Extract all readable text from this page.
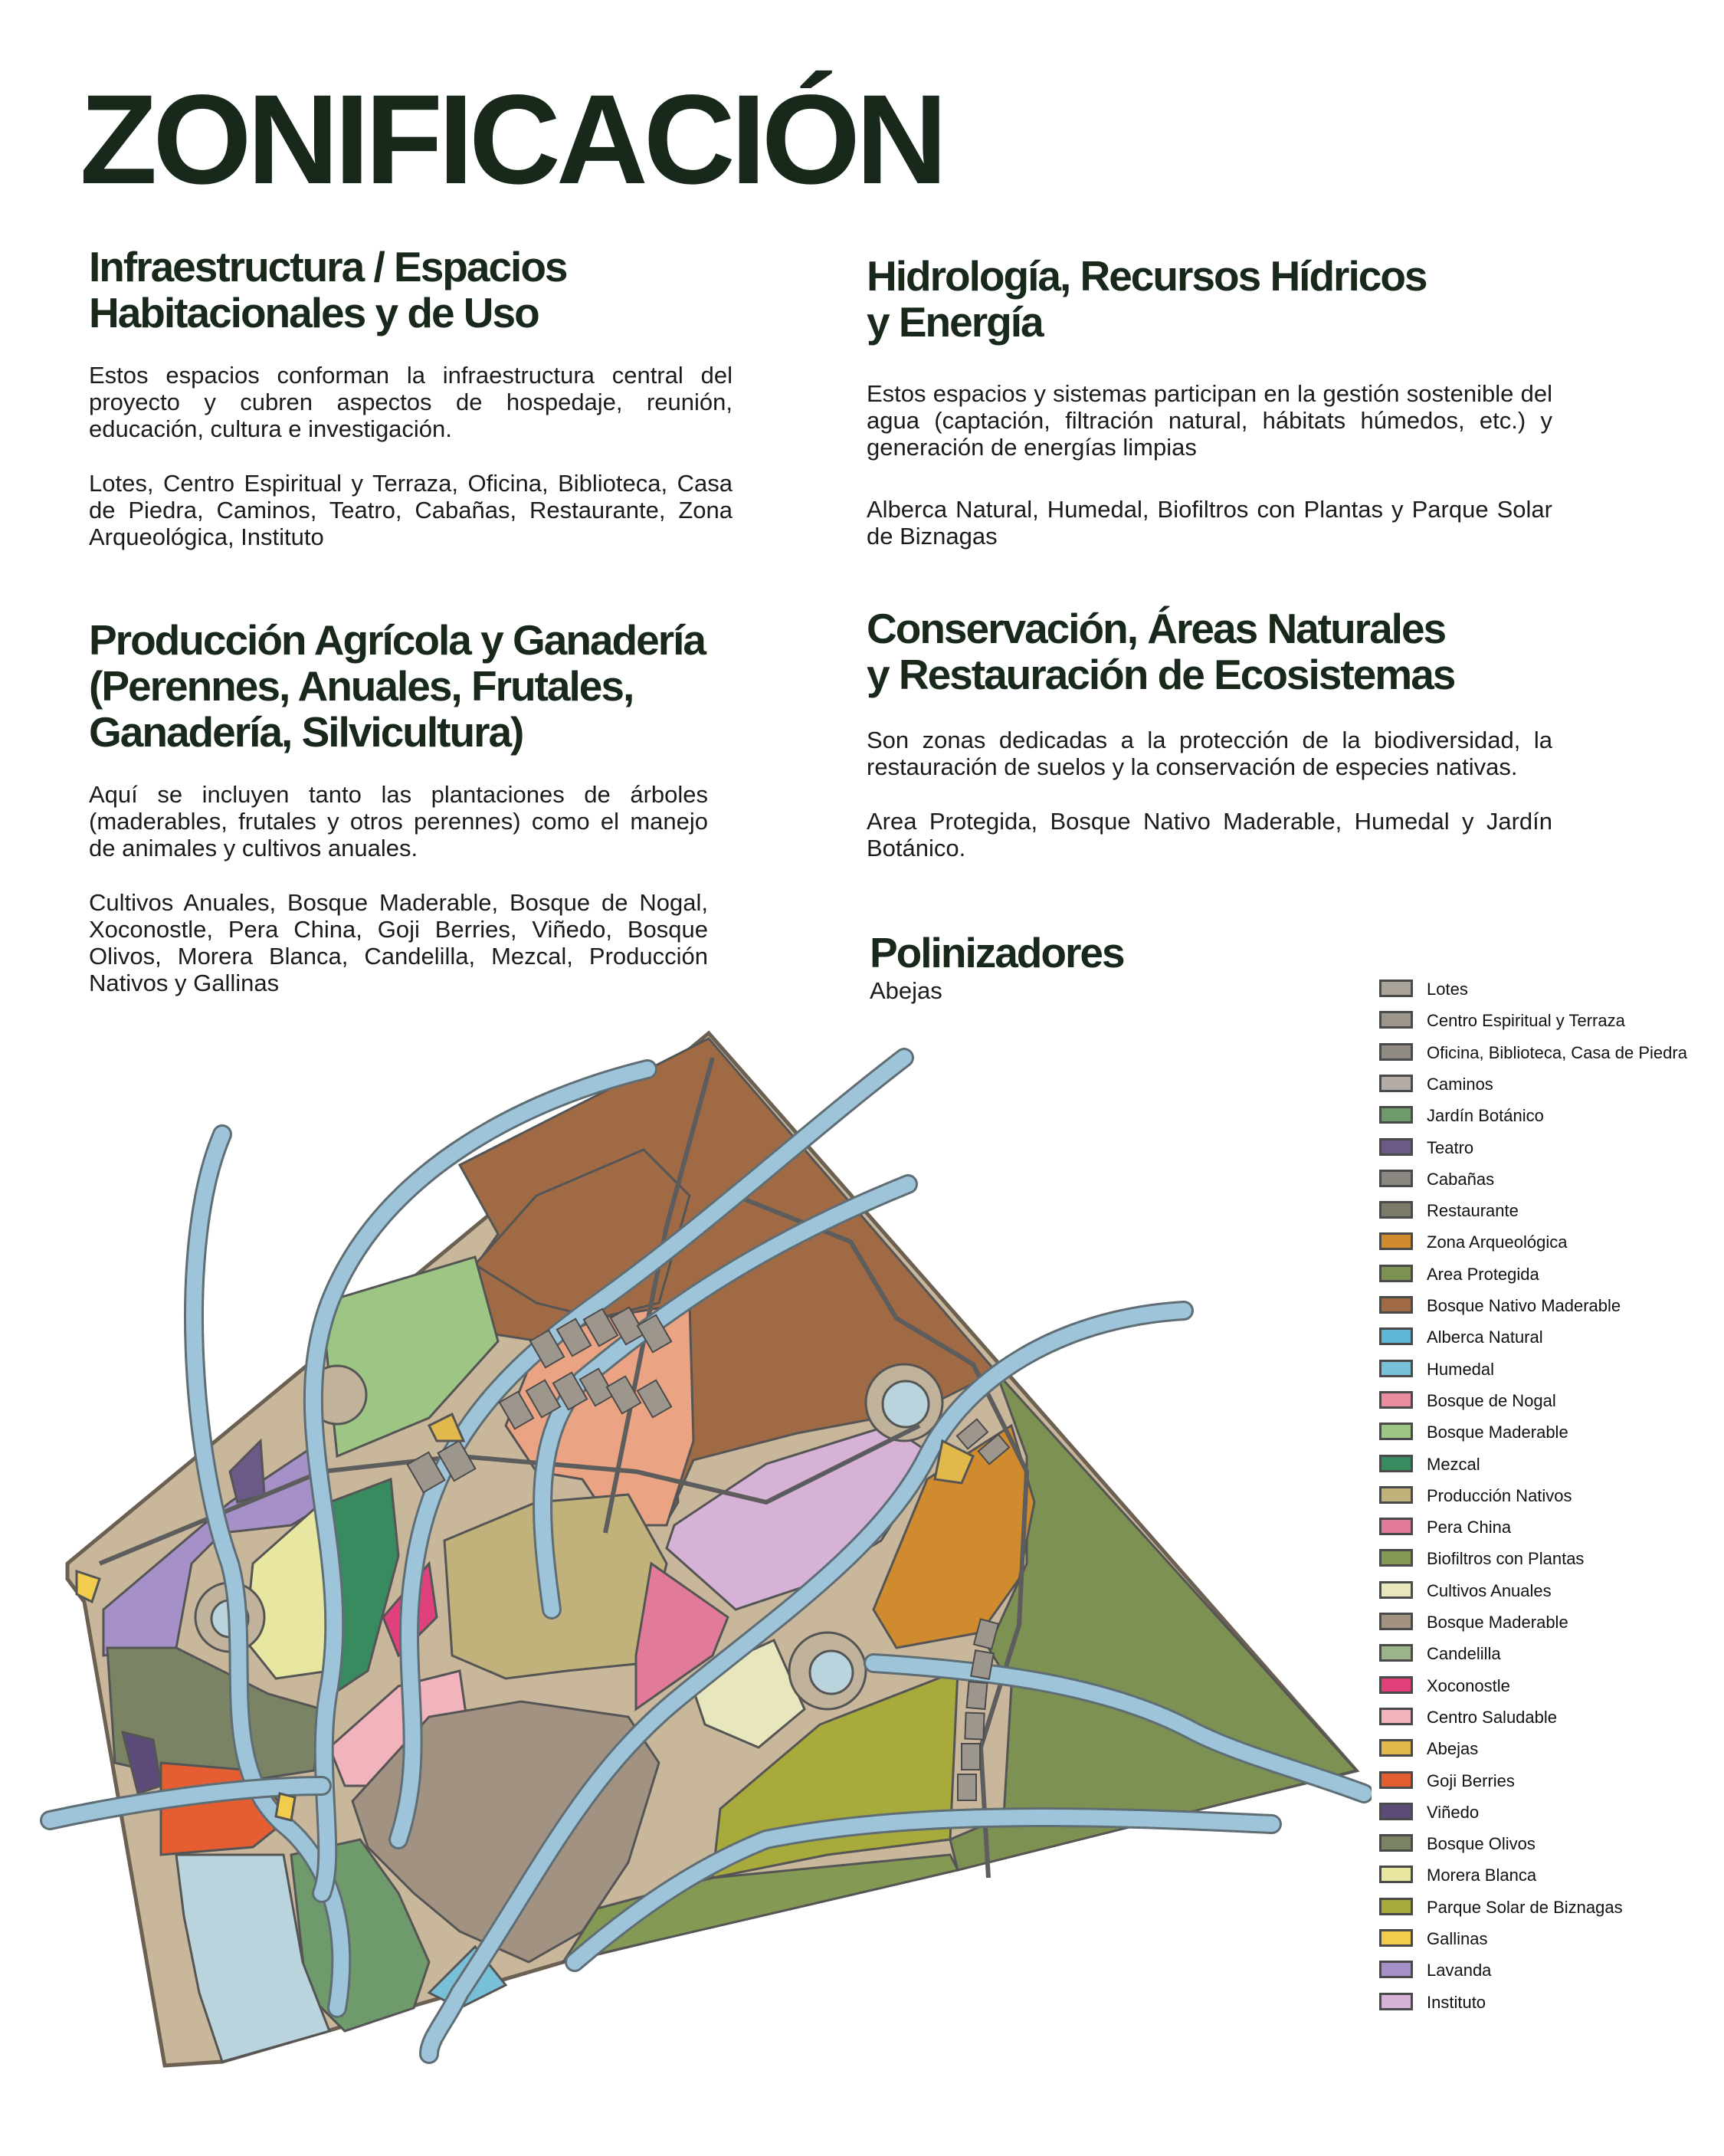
ZONIFICACIÓN
Infraestructura / Espacios
Habitacionales y de Uso

Estos espacios conforman la infraestructura central del proyecto y cubren aspectos de hospedaje, reunión, educación, cultura e investigación.

Lotes, Centro Espiritual y Terraza, Oficina, Biblioteca, Casa de Piedra, Caminos, Teatro, Cabañas, Restaurante, Zona Arqueológica, Instituto

Producción Agrícola y Ganadería
(Perennes, Anuales, Frutales,
Ganadería, Silvicultura)

Aquí se incluyen tanto las plantaciones de árboles (maderables, frutales y otros perennes) como el manejo de animales y cultivos anuales.

Cultivos Anuales, Bosque Maderable, Bosque de Nogal, Xoconostle, Pera China, Goji Berries, Viñedo, Bosque Olivos, Morera Blanca, Candelilla, Mezcal, Producción Nativos y Gallinas

Hidrología, Recursos Hídricos
y Energía

Estos espacios y sistemas participan en la gestión sostenible del agua (captación, filtración natural, hábitats húmedos, etc.) y generación de energías limpias

Alberca Natural, Humedal, Biofiltros con Plantas y Parque Solar de Biznagas

Conservación, Áreas Naturales
y Restauración de Ecosistemas

Son zonas dedicadas a la protección de la biodiversidad, la restauración de suelos y la conservación de especies nativas.

Area Protegida, Bosque Nativo Maderable, Humedal y Jardín Botánico.

Polinizadores

Abejas	Lotes
Centro Espiritual y Terraza
Oficina, Biblioteca, Casa de Piedra
Caminos
Jardín Botánico
Teatro
Cabañas
Restaurante
Zona Arqueológica
Area Protegida
Bosque Nativo Maderable
Alberca Natural
Humedal
Bosque de Nogal
Bosque Maderable
Mezcal
Producción Nativos
Pera China
Biofiltros con Plantas
Cultivos Anuales
Bosque Maderable
Candelilla
Xoconostle
Centro Saludable
Abejas
Goji Berries
Viñedo
Bosque Olivos
Morera Blanca
Parque Solar de Biznagas
Gallinas
Lavanda
Instituto
